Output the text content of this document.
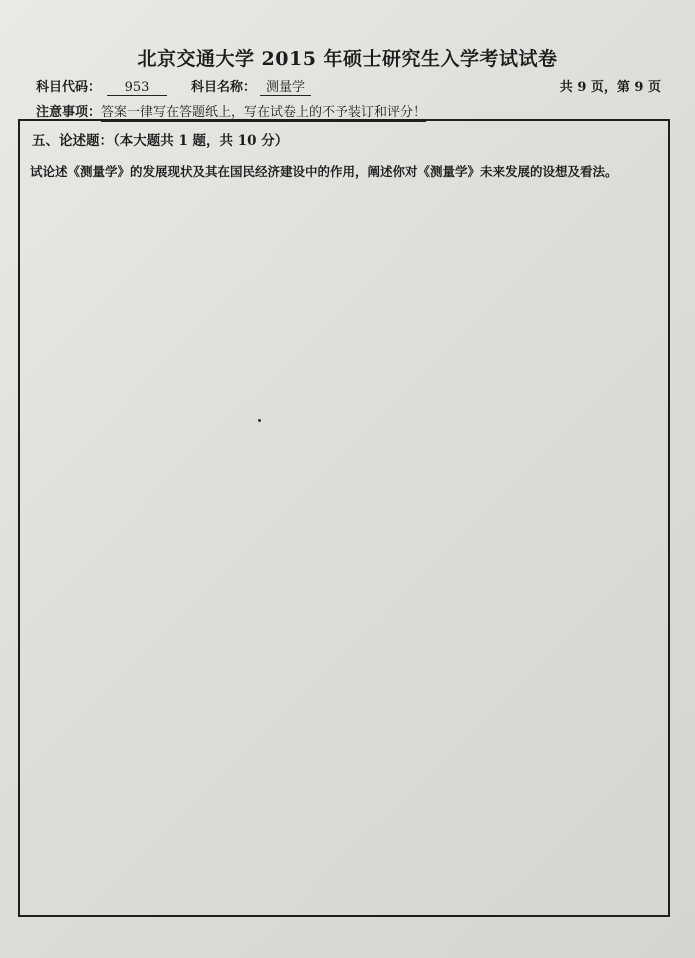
北京交通大学 2015 年硕士研究生入学考试试卷
科目代码： 953	科目名称： 测量学	共 9 页，第 9 页
注意事项：答案一律写在答题纸上，写在试卷上的不予装订和评分！
五、论述题：（本大题共 1 题，共 10 分）
试论述《测量学》的发展现状及其在国民经济建设中的作用，阐述你对《测量学》未来发展的设想及看法。
